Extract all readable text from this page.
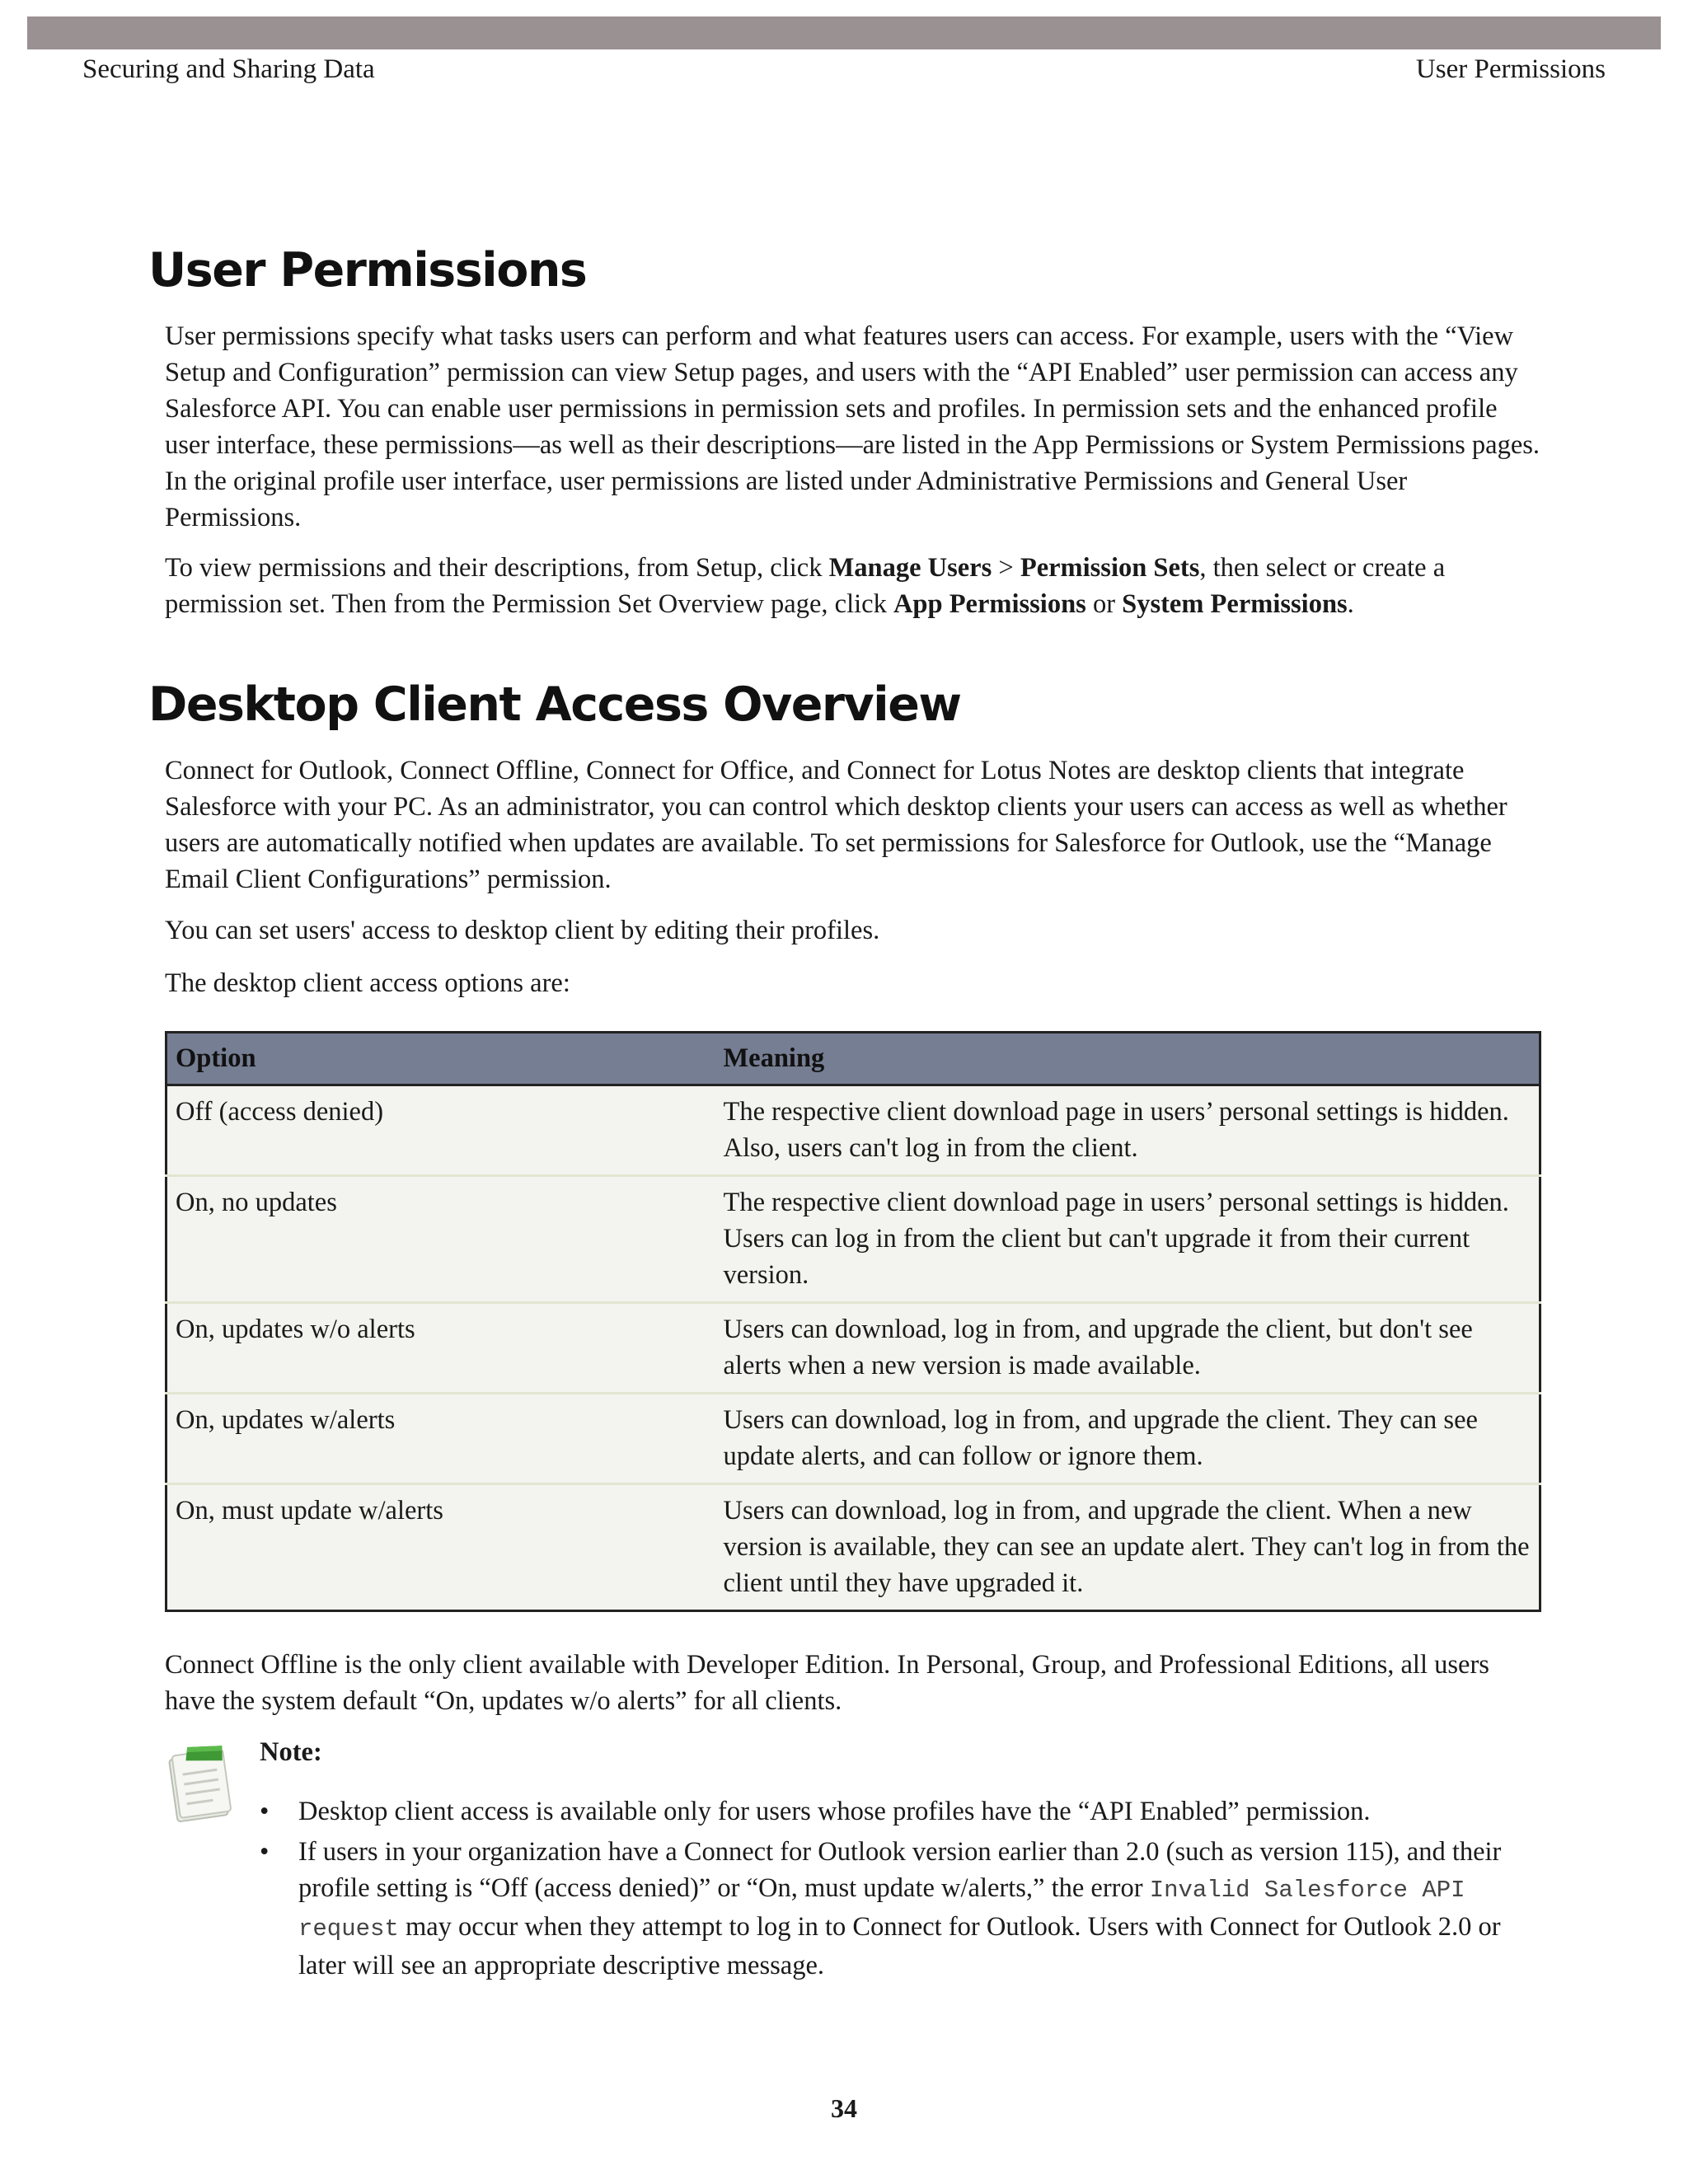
Securing and Sharing Data	User Permissions
User Permissions

User permissions specify what tasks users can perform and what features users can access. For example, users with the “View Setup and Configuration” permission can view Setup pages, and users with the “API Enabled” user permission can access any Salesforce API. You can enable user permissions in permission sets and profiles. In permission sets and the enhanced profile user interface, these permissions—as well as their descriptions—are listed in the App Permissions or System Permissions pages. In the original profile user interface, user permissions are listed under Administrative Permissions and General User Permissions.

To view permissions and their descriptions, from Setup, click Manage Users > Permission Sets, then select or create a permission set. Then from the Permission Set Overview page, click App Permissions or System Permissions.

Desktop Client Access Overview

Connect for Outlook, Connect Offline, Connect for Office, and Connect for Lotus Notes are desktop clients that integrate Salesforce with your PC. As an administrator, you can control which desktop clients your users can access as well as whether users are automatically notified when updates are available. To set permissions for Salesforce for Outlook, use the “Manage Email Client Configurations” permission.

You can set users' access to desktop client by editing their profiles.

The desktop client access options are:

Option	Meaning
Off (access denied)	The respective client download page in users’ personal settings is hidden. Also, users can't log in from the client.
On, no updates	The respective client download page in users’ personal settings is hidden. Users can log in from the client but can't upgrade it from their current version.
On, updates w/o alerts	Users can download, log in from, and upgrade the client, but don't see alerts when a new version is made available.
On, updates w/alerts	Users can download, log in from, and upgrade the client. They can see update alerts, and can follow or ignore them.
On, must update w/alerts	Users can download, log in from, and upgrade the client. When a new version is available, they can see an update alert. They can't log in from the client until they have upgraded it.

Connect Offline is the only client available with Developer Edition. In Personal, Group, and Professional Editions, all users have the system default “On, updates w/o alerts” for all clients.

Note:
• Desktop client access is available only for users whose profiles have the “API Enabled” permission.
• If users in your organization have a Connect for Outlook version earlier than 2.0 (such as version 115), and their profile setting is “Off (access denied)” or “On, must update w/alerts,” the error Invalid Salesforce API request may occur when they attempt to log in to Connect for Outlook. Users with Connect for Outlook 2.0 or later will see an appropriate descriptive message.
34
